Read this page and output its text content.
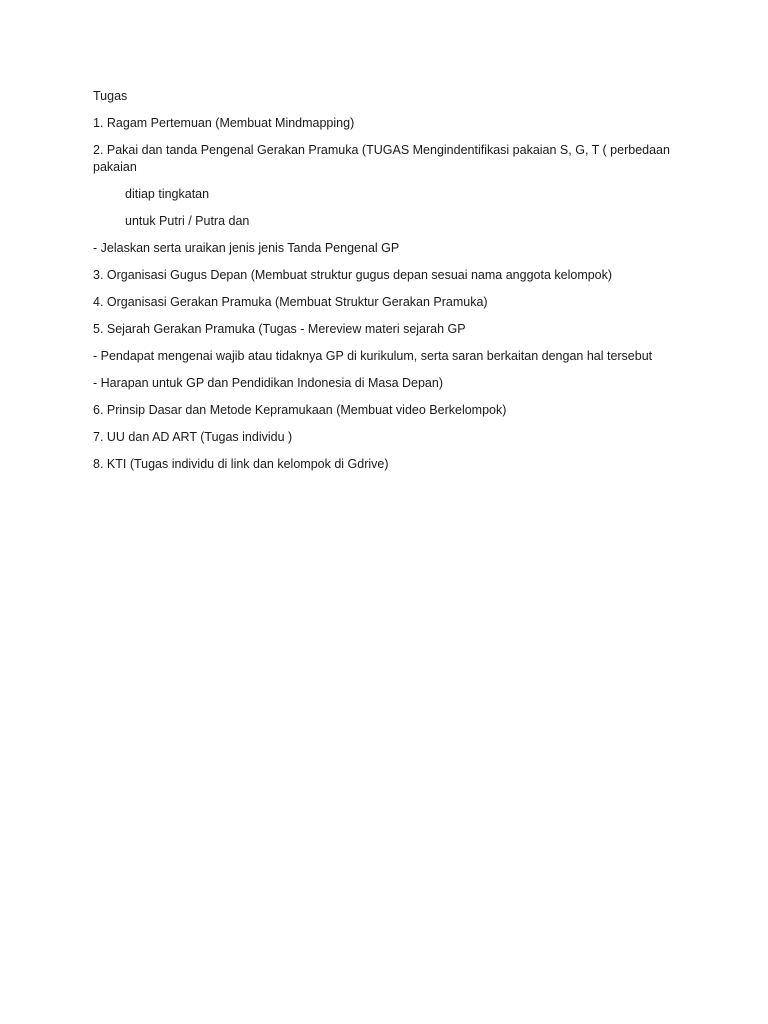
Tugas

1. Ragam Pertemuan (Membuat Mindmapping)

2. Pakai dan tanda Pengenal Gerakan Pramuka (TUGAS Mengindentifikasi pakaian S, G, T ( perbedaan pakaian

ditiap tingkatan

untuk Putri / Putra dan

- Jelaskan serta uraikan jenis jenis Tanda Pengenal GP

3. Organisasi Gugus Depan (Membuat struktur gugus depan sesuai nama anggota kelompok)

4. Organisasi Gerakan Pramuka (Membuat Struktur Gerakan Pramuka)

5. Sejarah Gerakan Pramuka (Tugas - Mereview materi sejarah GP

- Pendapat mengenai wajib atau tidaknya GP di kurikulum, serta saran berkaitan dengan hal tersebut

- Harapan untuk GP dan Pendidikan Indonesia di Masa Depan)

6. Prinsip Dasar dan Metode Kepramukaan (Membuat video Berkelompok)

7. UU dan AD ART (Tugas individu )

8. KTI (Tugas individu di link dan kelompok di Gdrive)
